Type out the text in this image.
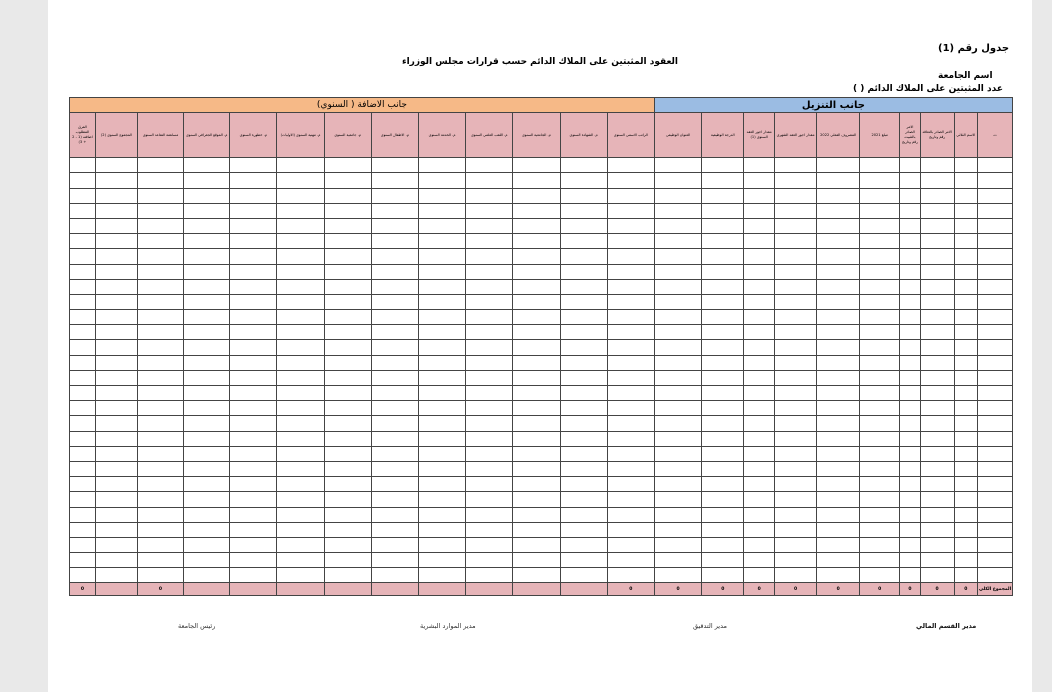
جدول رقم (1)
العقود المثبتين على الملاك الدائم حسب قرارات مجلس الوزراء
اسم الجامعة
عدد المثبتين على الملاك الدائم ( )
جانب التنزيل										جانب الاضافة ( السنوي)												
ت	الاسم الثلاثي	الامر الصادر بالتعاقد رقم وتاريخ	الامر الصادر بالتثبيت رقم وتاريخ	مبلغ 2021	المصروف الفعلي 2022	مقدار اجور العقد الشهري	مقدار اجور العقد السنوي (1)	الدرجة الوظيفية	العنوان الوظيفي	الراتب الاسمي السنوي	م. الشهادة السنوي	م. الجامعية السنوي	م. اللقب العلمي السنوي	م. الخدمة السنوي	م. الاطفال السنوي	م. جامعية السنوي	م. مهنية السنوي (الاوليات)	م. خطورة السنوي	م. الموقع الجغرافي السنوي	مساهمة التقاعد السنوي	المجموع السنوي (2)	الفرق المطلوب اضافته (1 - 2 + 3)

المجموع الكلي	0	0	0	0	0	0	0	0	0	0										0		0
مدير القسم المالي
مدير التدقيق
مدير الموارد البشرية
رئيس الجامعة
